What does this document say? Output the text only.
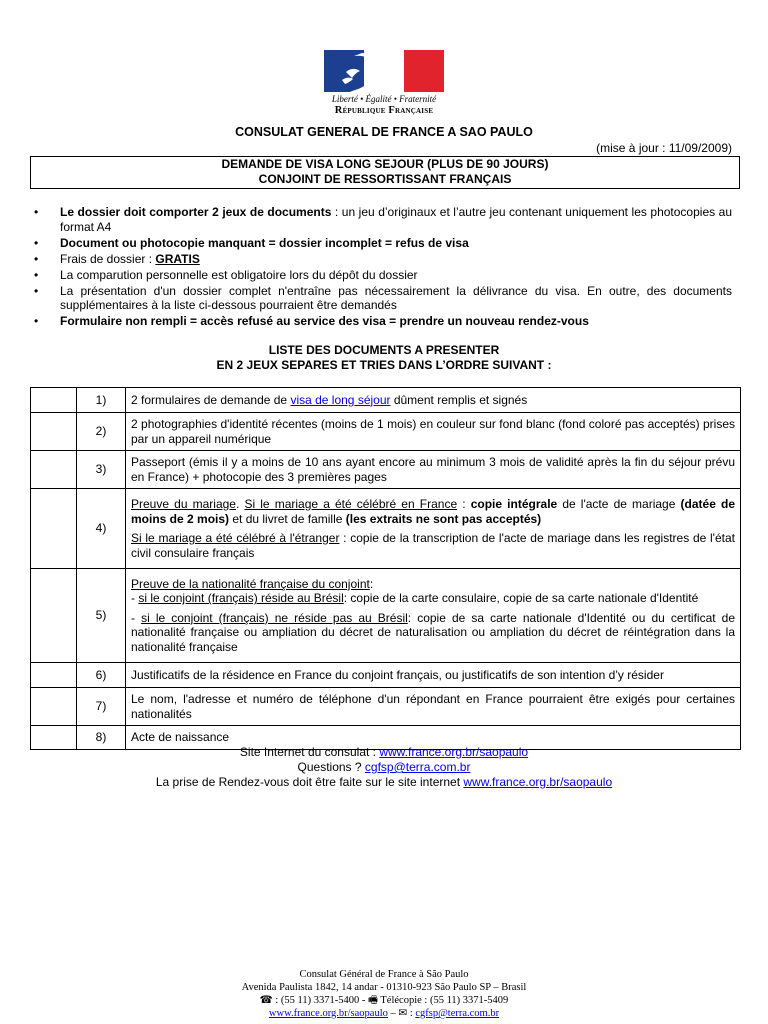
Liberté • Égalité • Fraternité
République Française
CONSULAT GENERAL DE FRANCE A SAO PAULO
(mise à jour : 11/09/2009)
DEMANDE DE VISA LONG SEJOUR (PLUS DE 90 JOURS)
CONJOINT DE RESSORTISSANT FRANÇAIS
• Le dossier doit comporter 2 jeux de documents : un jeu d’originaux et l’autre jeu contenant uniquement les photocopies au format A4
• Document ou photocopie manquant = dossier incomplet = refus de visa
• Frais de dossier : GRATIS
• La comparution personnelle est obligatoire lors du dépôt du dossier
• La présentation d'un dossier complet n'entraîne pas nécessairement la délivrance du visa. En outre, des documents supplémentaires à la liste ci-dessous pourraient être demandés
• Formulaire non rempli = accès refusé au service des visa = prendre un nouveau rendez-vous
LISTE DES DOCUMENTS A PRESENTER
EN 2 JEUX SEPARES ET TRIES DANS L’ORDRE SUIVANT :
	1)	2 formulaires de demande de visa de long séjour dûment remplis et signés
	2)	2 photographies d'identité récentes (moins de 1 mois) en couleur sur fond blanc (fond coloré pas acceptés) prises par un appareil numérique
	3)	Passeport (émis il y a moins de 10 ans ayant encore au minimum 3 mois de validité après la fin du séjour prévu en France) + photocopie des 3 premières pages
	4)	Preuve du mariage. Si le mariage a été célébré en France : copie intégrale de l'acte de mariage (datée de moins de 2 mois) et du livret de famille (les extraits ne sont pas acceptés)

Si le mariage a été célébré à l'étranger : copie de la transcription de l'acte de mariage dans les registres de l'état civil consulaire français

	5)	Preuve de la nationalité française du conjoint:
- si le conjoint (français) réside au Brésil: copie de la carte consulaire, copie de sa carte nationale d'Identité

- si le conjoint (français) ne réside pas au Brésil: copie de sa carte nationale d'Identité ou du certificat de nationalité française ou ampliation du décret de naturalisation ou ampliation du décret de réintégration dans la nationalité française

	6)	Justificatifs de la résidence en France du conjoint français, ou justificatifs de son intention d’y résider
	7)	Le nom, l'adresse et numéro de téléphone d'un répondant en France pourraient être exigés pour certaines nationalités
	8)	Acte de naissance
Site Internet du consulat : www.france.org.br/saopaulo
Questions ? cgfsp@terra.com.br
La prise de Rendez-vous doit être faite sur le site internet www.france.org.br/saopaulo
Consulat Général de France à São Paulo
Avenida Paulista 1842, 14 andar - 01310-923 São Paulo SP – Brasil
☎ : (55 11) 3371-5400 - 🖷 Télécopie : (55 11) 3371-5409
www.france.org.br/saopaulo – ✉ : cgfsp@terra.com.br
